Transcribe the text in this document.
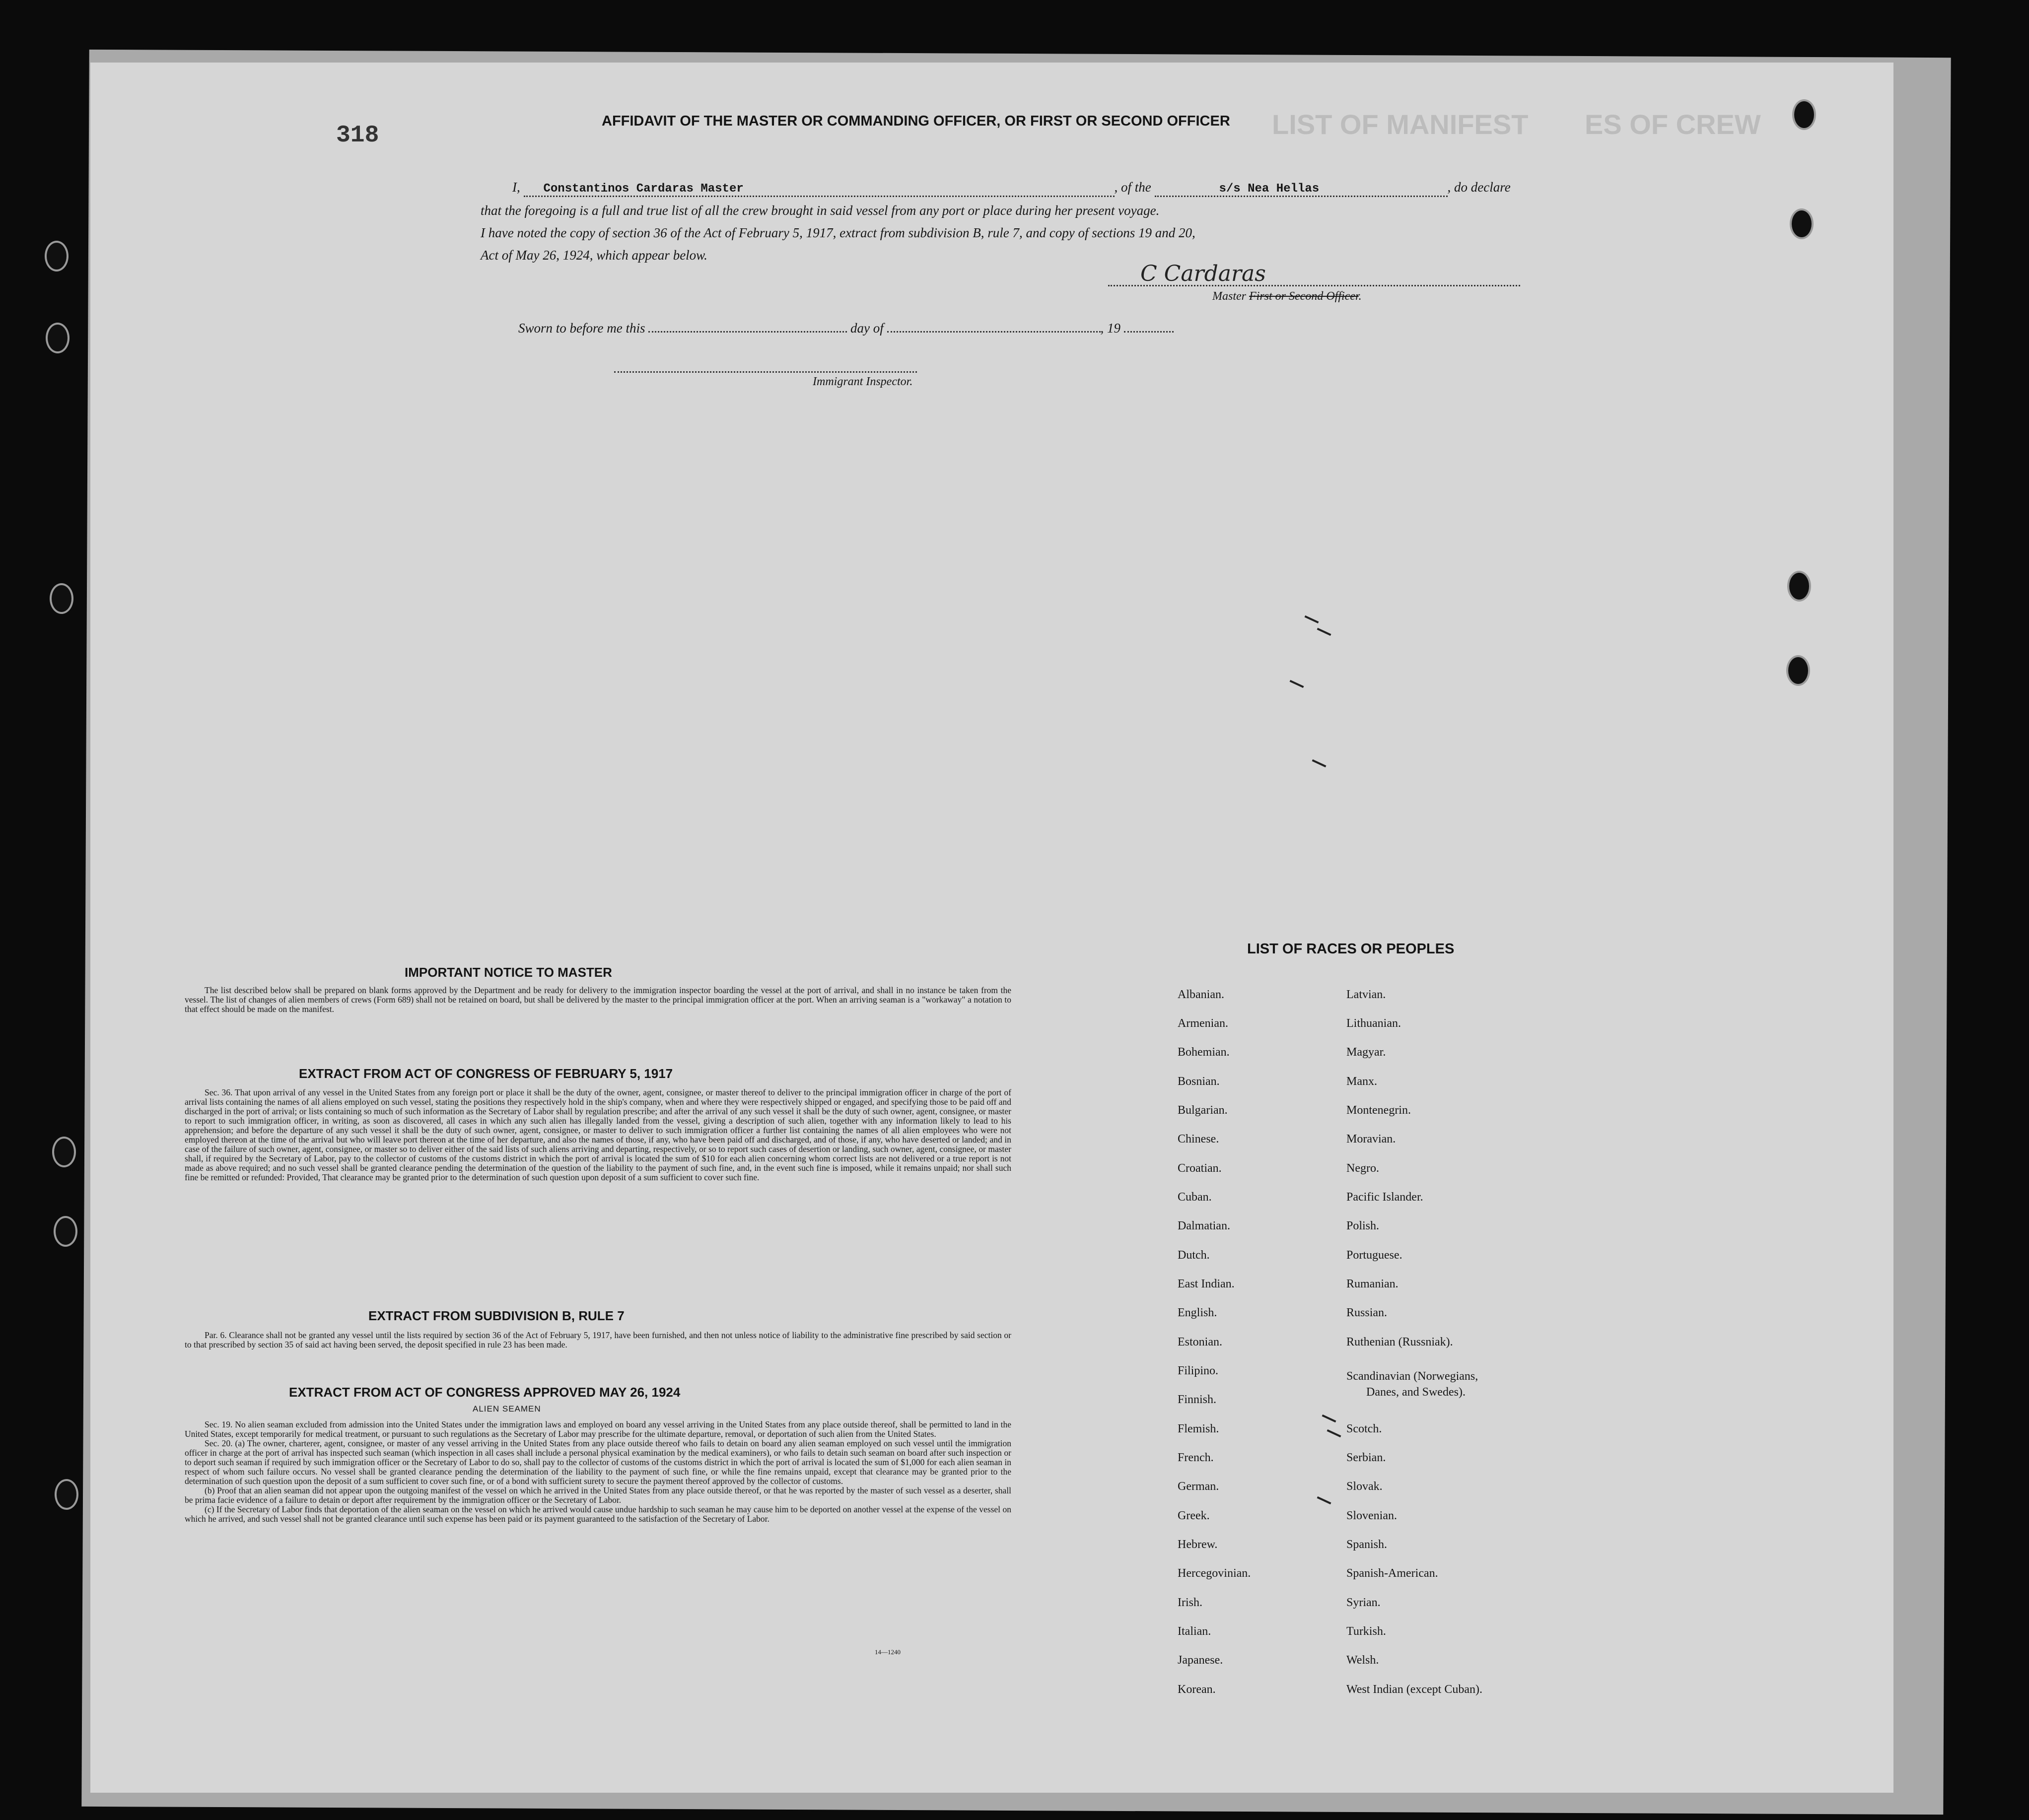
LIST OF MANIFEST ES OF CREW
318
AFFIDAVIT OF THE MASTER OR COMMANDING OFFICER, OR FIRST OR SECOND OFFICER
I, Constantinos Cardaras Master	, of the	s/s Nea Hellas	, do declare
that the foregoing is a full and true list of all the crew brought in said vessel from any port or place during her present voyage.
I have noted the copy of section 36 of the Act of February 5, 1917, extract from subdivision B, rule 7, and copy of sections 19 and 20,
Act of May 26, 1924, which appear below.
C Cardaras
Master First or Second Officer.
Sworn to before me this	day of	, 19
Immigrant Inspector.
IMPORTANT NOTICE TO MASTER
The list described below shall be prepared on blank forms approved by the Department and be ready for delivery to the immigration inspector boarding the vessel at the port of arrival, and shall in no instance be taken from the vessel. The list of changes of alien members of crews (Form 689) shall not be retained on board, but shall be delivered by the master to the principal immigration officer at the port. When an arriving seaman is a "workaway" a notation to that effect should be made on the manifest.
EXTRACT FROM ACT OF CONGRESS OF FEBRUARY 5, 1917
Sec. 36. That upon arrival of any vessel in the United States from any foreign port or place it shall be the duty of the owner, agent, consignee, or master thereof to deliver to the principal immigration officer in charge of the port of arrival lists containing the names of all aliens employed on such vessel, stating the positions they respectively hold in the ship's company, when and where they were respectively shipped or engaged, and specifying those to be paid off and discharged in the port of arrival; or lists containing so much of such information as the Secretary of Labor shall by regulation prescribe; and after the arrival of any such vessel it shall be the duty of such owner, agent, consignee, or master to report to such immigration officer, in writing, as soon as discovered, all cases in which any such alien has illegally landed from the vessel, giving a description of such alien, together with any information likely to lead to his apprehension; and before the departure of any such vessel it shall be the duty of such owner, agent, consignee, or master to deliver to such immigration officer a further list containing the names of all alien employees who were not employed thereon at the time of the arrival but who will leave port thereon at the time of her departure, and also the names of those, if any, who have been paid off and discharged, and of those, if any, who have deserted or landed; and in case of the failure of such owner, agent, consignee, or master so to deliver either of the said lists of such aliens arriving and departing, respectively, or so to report such cases of desertion or landing, such owner, agent, consignee, or master shall, if required by the Secretary of Labor, pay to the collector of customs of the customs district in which the port of arrival is located the sum of $10 for each alien concerning whom correct lists are not delivered or a true report is not made as above required; and no such vessel shall be granted clearance pending the determination of the question of the liability to the payment of such fine, and, in the event such fine is imposed, while it remains unpaid; nor shall such fine be remitted or refunded: Provided, That clearance may be granted prior to the determination of such question upon deposit of a sum sufficient to cover such fine.
EXTRACT FROM SUBDIVISION B, RULE 7
Par. 6. Clearance shall not be granted any vessel until the lists required by section 36 of the Act of February 5, 1917, have been furnished, and then not unless notice of liability to the administrative fine prescribed by said section or to that prescribed by section 35 of said act having been served, the deposit specified in rule 23 has been made.
EXTRACT FROM ACT OF CONGRESS APPROVED MAY 26, 1924
ALIEN SEAMEN

Sec. 19. No alien seaman excluded from admission into the United States under the immigration laws and employed on board any vessel arriving in the United States from any place outside thereof, shall be permitted to land in the United States, except temporarily for medical treatment, or pursuant to such regulations as the Secretary of Labor may prescribe for the ultimate departure, removal, or deportation of such alien from the United States.

Sec. 20. (a) The owner, charterer, agent, consignee, or master of any vessel arriving in the United States from any place outside thereof who fails to detain on board any alien seaman employed on such vessel until the immigration officer in charge at the port of arrival has inspected such seaman (which inspection in all cases shall include a personal physical examination by the medical examiners), or who fails to detain such seaman on board after such inspection or to deport such seaman if required by such immigration officer or the Secretary of Labor to do so, shall pay to the collector of customs of the customs district in which the port of arrival is located the sum of $1,000 for each alien seaman in respect of whom such failure occurs. No vessel shall be granted clearance pending the determination of the liability to the payment of such fine, or while the fine remains unpaid, except that clearance may be granted prior to the determination of such question upon the deposit of a sum sufficient to cover such fine, or of a bond with sufficient surety to secure the payment thereof approved by the collector of customs.

(b) Proof that an alien seaman did not appear upon the outgoing manifest of the vessel on which he arrived in the United States from any place outside thereof, or that he was reported by the master of such vessel as a deserter, shall be prima facie evidence of a failure to detain or deport after requirement by the immigration officer or the Secretary of Labor.

(c) If the Secretary of Labor finds that deportation of the alien seaman on the vessel on which he arrived would cause undue hardship to such seaman he may cause him to be deported on another vessel at the expense of the vessel on which he arrived, and such vessel shall not be granted clearance until such expense has been paid or its payment guaranteed to the satisfaction of the Secretary of Labor.

14—1240
LIST OF RACES OR PEOPLES
Albanian.
Armenian.
Bohemian.
Bosnian.
Bulgarian.
Chinese.
Croatian.
Cuban.
Dalmatian.
Dutch.
East Indian.
English.
Estonian.
Filipino.
Finnish.
Flemish.
French.
German.
Greek.
Hebrew.
Hercegovinian.
Irish.
Italian.
Japanese.
Korean.
Latvian.
Lithuanian.
Magyar.
Manx.
Montenegrin.
Moravian.
Negro.
Pacific Islander.
Polish.
Portuguese.
Rumanian.
Russian.
Ruthenian (Russniak).
Scandinavian (Norwegians,
Danes, and Swedes).
Scotch.
Serbian.
Slovak.
Slovenian.
Spanish.
Spanish-American.
Syrian.
Turkish.
Welsh.
West Indian (except Cuban).
